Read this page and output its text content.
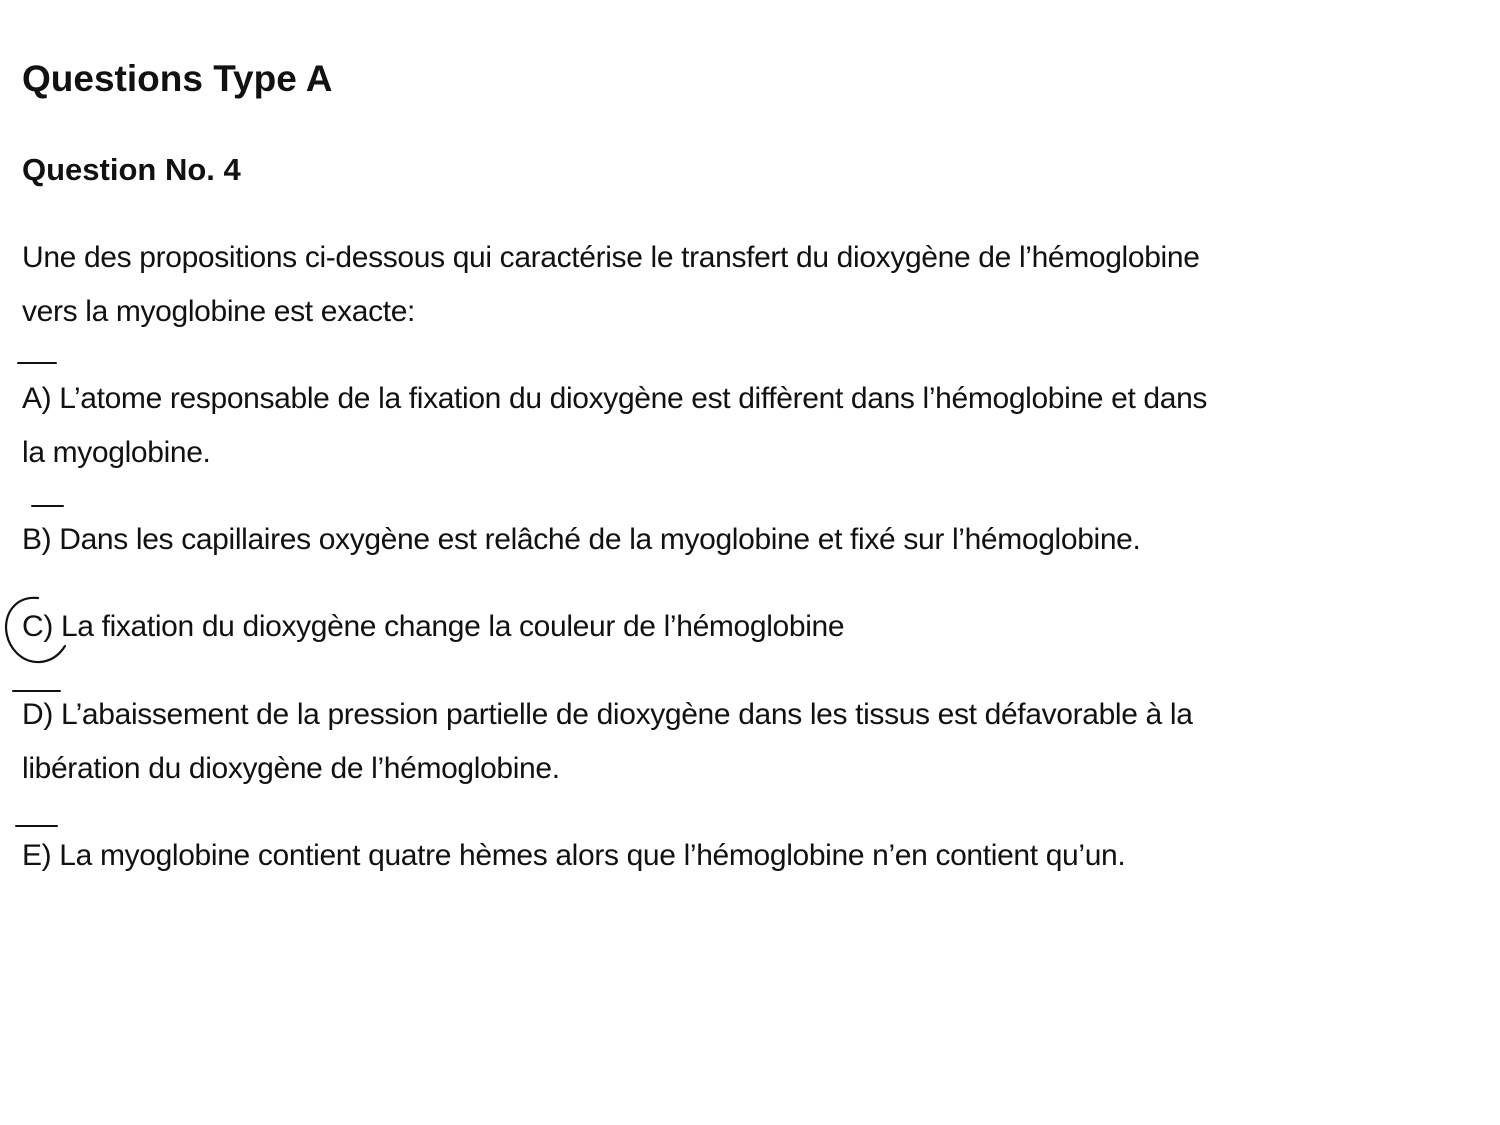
Questions Type A
Question No. 4
Une des propositions ci-dessous qui caractérise le transfert du dioxygène de l’hémoglobine
vers la myoglobine est exacte:
A) L’atome responsable de la fixation du dioxygène est diffèrent dans l’hémoglobine et dans
la myoglobine.
B) Dans les capillaires oxygène est relâché de la myoglobine et fixé sur l’hémoglobine.
C) La fixation du dioxygène change la couleur de l’hémoglobine
D) L’abaissement de la pression partielle de dioxygène dans les tissus est défavorable à la
libération du dioxygène de l’hémoglobine.
E) La myoglobine contient quatre hèmes alors que l’hémoglobine n’en contient qu’un.
